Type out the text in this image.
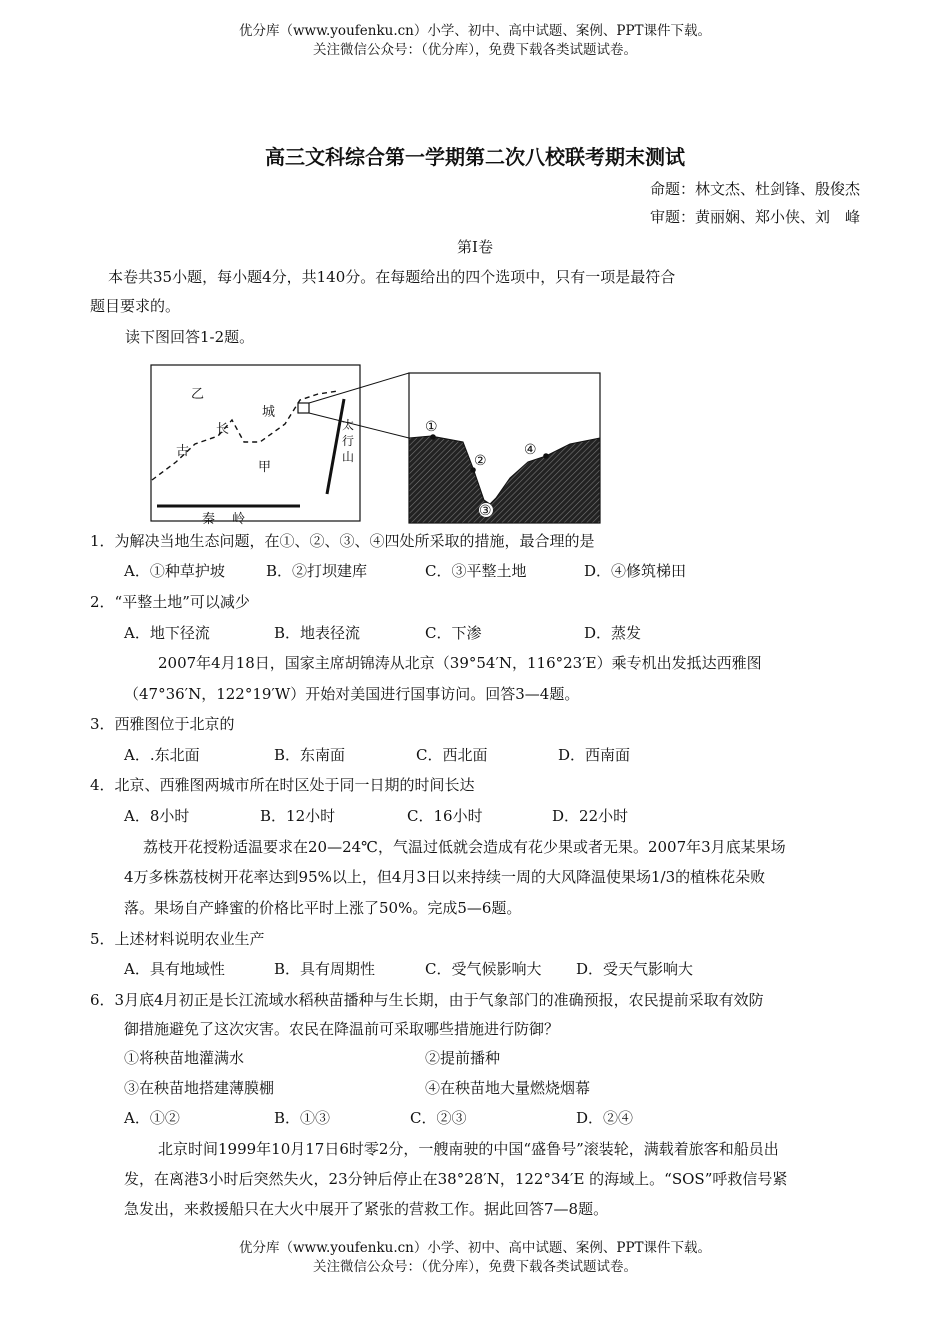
优分库（www.youfenku.cn）小学、初中、高中试题、案例、PPT课件下载。
关注微信公众号：（优分库），免费下载各类试题试卷。
高三文科综合第一学期第二次八校联考期末测试
命题：林文杰、杜剑锋、殷俊杰
审题：黄丽娴、郑小侠、刘　峰
第Ⅰ卷
本卷共35小题，每小题4分，共140分。在每题给出的四个选项中，只有一项是最符合
题目要求的。
读下图回答1-2题。
乙
长
城
古
甲
太
行
山
秦 岭
①
②
④
③
1．为解决当地生态问题，在①、②、③、④四处所采取的措施，最合理的是
A．①种草护坡	B．②打坝建库	C．③平整土地	D．④修筑梯田
2．“平整土地”可以减少
A．地下径流	B．地表径流	C．下渗	D．蒸发
2007年4月18日，国家主席胡锦涛从北京（39°54′N，116°23′E）乘专机出发抵达西雅图
（47°36′N，122°19′W）开始对美国进行国事访问。回答3—4题。
3．西雅图位于北京的
A．.东北面	B．东南面	C．西北面	D．西南面
4．北京、西雅图两城市所在时区处于同一日期的时间长达
A．8小时	B．12小时	C．16小时	D．22小时
荔枝开花授粉适温要求在20—24℃，气温过低就会造成有花少果或者无果。2007年3月底某果场
4万多株荔枝树开花率达到95%以上，但4月3日以来持续一周的大风降温使果场1/3的植株花朵败
落。果场自产蜂蜜的价格比平时上涨了50%。完成5—6题。
5．上述材料说明农业生产
A．具有地域性	B．具有周期性	C．受气候影响大 D．受天气影响大
6．3月底4月初正是长江流域水稻秧苗播种与生长期，由于气象部门的准确预报，农民提前采取有效防
御措施避免了这次灾害。农民在降温前可采取哪些措施进行防御？
①将秧苗地灌满水	②提前播种
③在秧苗地搭建薄膜棚	④在秧苗地大量燃烧烟幕
A．①②	B．①③	C．②③	D．②④
北京时间1999年10月17日6时零2分，一艘南驶的中国“盛鲁号”滚装轮，满载着旅客和船员出
发，在离港3小时后突然失火，23分钟后停止在38°28′N，122°34′E 的海域上。“SOS”呼救信号紧
急发出，来救援船只在大火中展开了紧张的营救工作。据此回答7—8题。
优分库（www.youfenku.cn）小学、初中、高中试题、案例、PPT课件下载。
关注微信公众号：（优分库），免费下载各类试题试卷。
